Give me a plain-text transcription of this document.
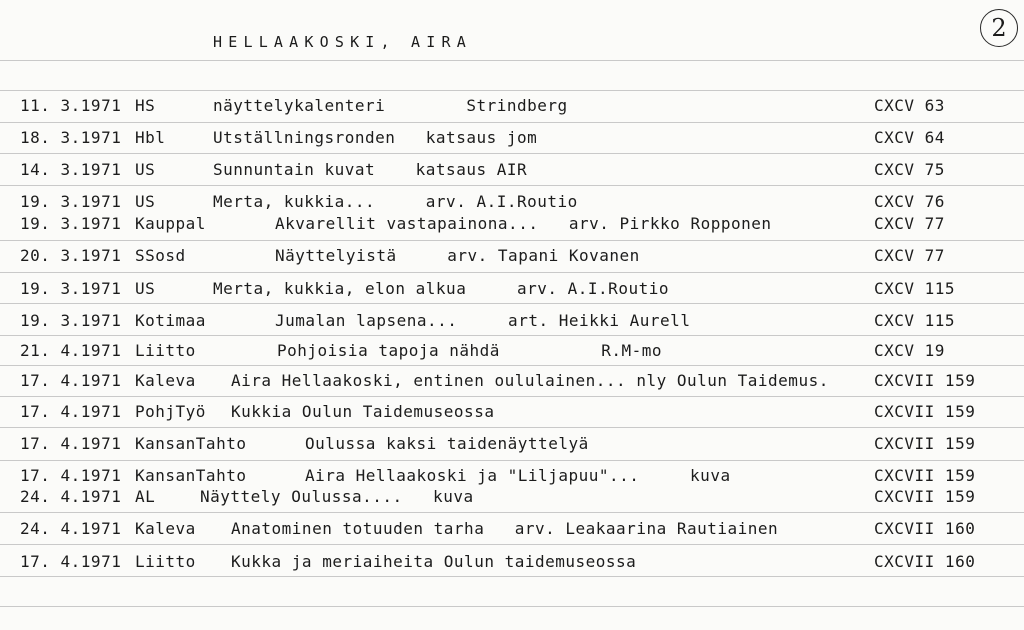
HELLAAKOSKI, AIRA	2
11. 3.1971 HS	näyttelykalenteri        Strindberg	CXCV 63
18. 3.1971 Hbl	Utställningsronden   katsaus jom	CXCV 64
14. 3.1971 US	Sunnuntain kuvat    katsaus AIR	CXCV 75
19. 3.1971 US	Merta, kukkia...     arv. A.I.Routio	CXCV 76
19. 3.1971 Kauppal	Akvarellit vastapainona...   arv. Pirkko Ropponen	CXCV 77
20. 3.1971 SSosd	Näyttelyistä     arv. Tapani Kovanen	CXCV 77
19. 3.1971 US	Merta, kukkia, elon alkua     arv. A.I.Routio	CXCV 115
19. 3.1971 Kotimaa	Jumalan lapsena...     art. Heikki Aurell	CXCV 115
21. 4.1971 Liitto	Pohjoisia tapoja nähdä          R.M-mo	CXCV 19
17. 4.1971 Kaleva Aira Hellaakoski, entinen oululainen... nly Oulun Taidemus.	CXCVII 159
17. 4.1971 PohjTyö Kukkia Oulun Taidemuseossa	CXCVII 159
17. 4.1971 KansanTahto	Oulussa kaksi taidenäyttelyä	CXCVII 159
17. 4.1971 KansanTahto	Aira Hellaakoski ja "Liljapuu"...     kuva	CXCVII 159
24. 4.1971 AL	Näyttely Oulussa....   kuva	CXCVII 159
24. 4.1971 Kaleva Anatominen totuuden tarha   arv. Leakaarina Rautiainen	CXCVII 160
17. 4.1971 Liitto Kukka ja meriaiheita Oulun taidemuseossa	CXCVII 160
